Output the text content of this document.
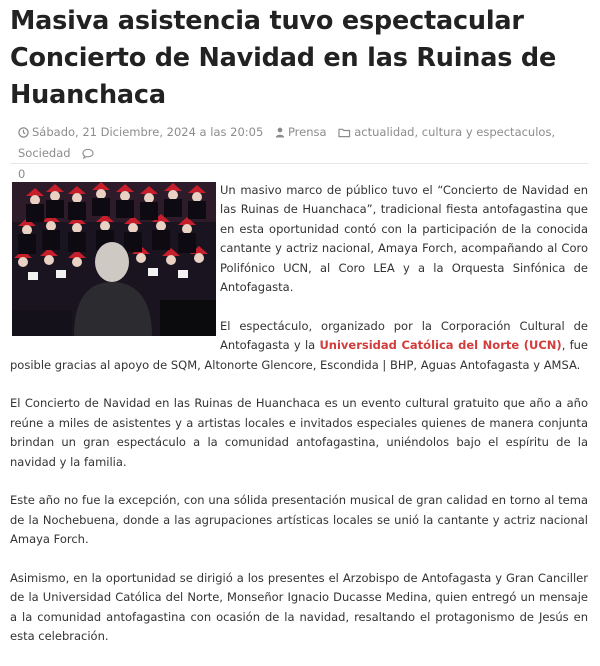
Masiva asistencia tuvo espectacular Concierto de Navidad en las Ruinas de Huanchaca
Sábado, 21 Diciembre, 2024 a las 20:05 Prensa actualidad, cultura y espectaculos, Sociedad
0

Un masivo marco de público tuvo el “Concierto de Navidad en las Ruinas de Huanchaca”, tradicional fiesta antofagastina que en esta oportunidad contó con la participación de la conocida cantante y actriz nacional, Amaya Forch, acompañando al Coro Polifónico UCN, al Coro LEA y a la Orquesta Sinfónica de Antofagasta.

El espectáculo, organizado por la Corporación Cultural de Antofagasta y la Universidad Católica del Norte (UCN), fue posible gracias al apoyo de SQM, Altonorte Glencore, Escondida | BHP, Aguas Antofagasta y AMSA.

El Concierto de Navidad en las Ruinas de Huanchaca es un evento cultural gratuito que año a año reúne a miles de asistentes y a artistas locales e invitados especiales quienes de manera conjunta brindan un gran espectáculo a la comunidad antofagastina, uniéndolos bajo el espíritu de la navidad y la familia.

Este año no fue la excepción, con una sólida presentación musical de gran calidad en torno al tema de la Nochebuena, donde a las agrupaciones artísticas locales se unió la cantante y actriz nacional Amaya Forch.

Asimismo, en la oportunidad se dirigió a los presentes el Arzobispo de Antofagasta y Gran Canciller de la Universidad Católica del Norte, Monseñor Ignacio Ducasse Medina, quien entregó un mensaje a la comunidad antofagastina con ocasión de la navidad, resaltando el protagonismo de Jesús en esta celebración.
